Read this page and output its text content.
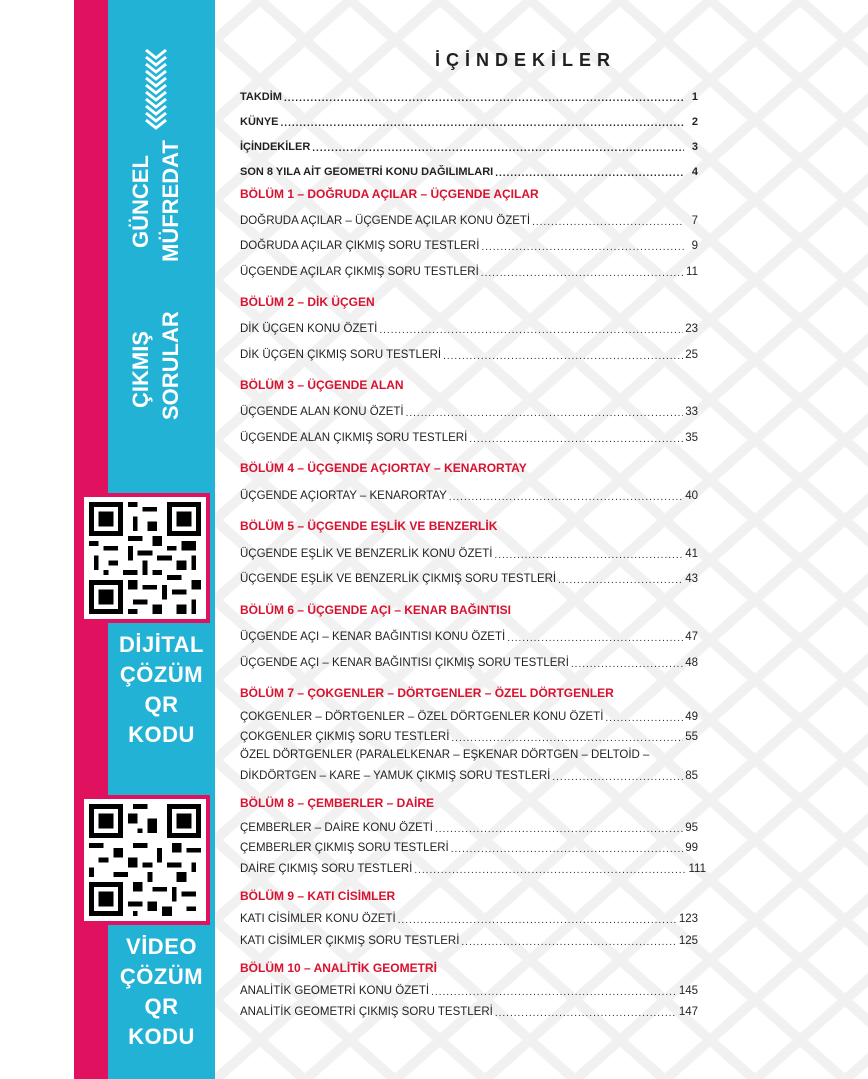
GÜNCEL MÜFREDAT
ÇIKMIŞ SORULAR
DİJİTAL
ÇÖZÜM
QR
KODU
VİDEO
ÇÖZÜM
QR KODU
İÇİNDEKİLER
TAKDİM .....	1
KÜNYE .....	2
İÇİNDEKİLER .....	3
SON 8 YILA AİT GEOMETRİ KONU DAĞILIMLARI .....	4
BÖLÜM 1 – DOĞRUDA AÇILAR – ÜÇGENDE AÇILAR
DOĞRUDA AÇILAR – ÜÇGENDE AÇILAR KONU ÖZETİ .....	7
DOĞRUDA AÇILAR ÇIKMIŞ SORU TESTLERİ .....	9
ÜÇGENDE AÇILAR ÇIKMIŞ SORU TESTLERİ .....	11
BÖLÜM 2 – DİK ÜÇGEN
DİK ÜÇGEN KONU ÖZETİ .....	23
DİK ÜÇGEN ÇIKMIŞ SORU TESTLERİ .....	25
BÖLÜM 3 – ÜÇGENDE ALAN
ÜÇGENDE ALAN KONU ÖZETİ .....	33
ÜÇGENDE ALAN ÇIKMIŞ SORU TESTLERİ .....	35
BÖLÜM 4 – ÜÇGENDE AÇIORTAY – KENARORTAY
ÜÇGENDE AÇIORTAY – KENARORTAY .....	40
BÖLÜM 5 – ÜÇGENDE EŞLİK VE BENZERLİK
ÜÇGENDE EŞLİK VE BENZERLİK KONU ÖZETİ .....	41
ÜÇGENDE EŞLİK VE BENZERLİK ÇIKMIŞ SORU TESTLERİ .....	43
BÖLÜM 6 – ÜÇGENDE AÇI – KENAR BAĞINTISI
ÜÇGENDE AÇI – KENAR BAĞINTISI KONU ÖZETİ .....	47
ÜÇGENDE AÇI – KENAR BAĞINTISI ÇIKMIŞ SORU TESTLERİ .....	48
BÖLÜM 7 – ÇOKGENLER – DÖRTGENLER – ÖZEL DÖRTGENLER
ÇOKGENLER – DÖRTGENLER – ÖZEL DÖRTGENLER KONU ÖZETİ .....	49
ÇOKGENLER ÇIKMIŞ SORU TESTLERİ .....	55
ÖZEL DÖRTGENLER (PARALELKENAR – EŞKENAR DÖRTGEN – DELTOİD –
DİKDÖRTGEN – KARE – YAMUK ÇIKMIŞ SORU TESTLERİ .....	85
BÖLÜM 8 – ÇEMBERLER – DAİRE
ÇEMBERLER – DAİRE KONU ÖZETİ .....	95
ÇEMBERLER ÇIKMIŞ SORU TESTLERİ .....	99
DAİRE ÇIKMIŞ SORU TESTLERİ .....	111
BÖLÜM 9 – KATI CİSİMLER
KATI CİSİMLER KONU ÖZETİ .....	123
KATI CİSİMLER ÇIKMIŞ SORU TESTLERİ .....	125
BÖLÜM 10 – ANALİTİK GEOMETRİ
ANALİTİK GEOMETRİ KONU ÖZETİ .....	145
ANALİTİK GEOMETRİ ÇIKMIŞ SORU TESTLERİ .....	147
